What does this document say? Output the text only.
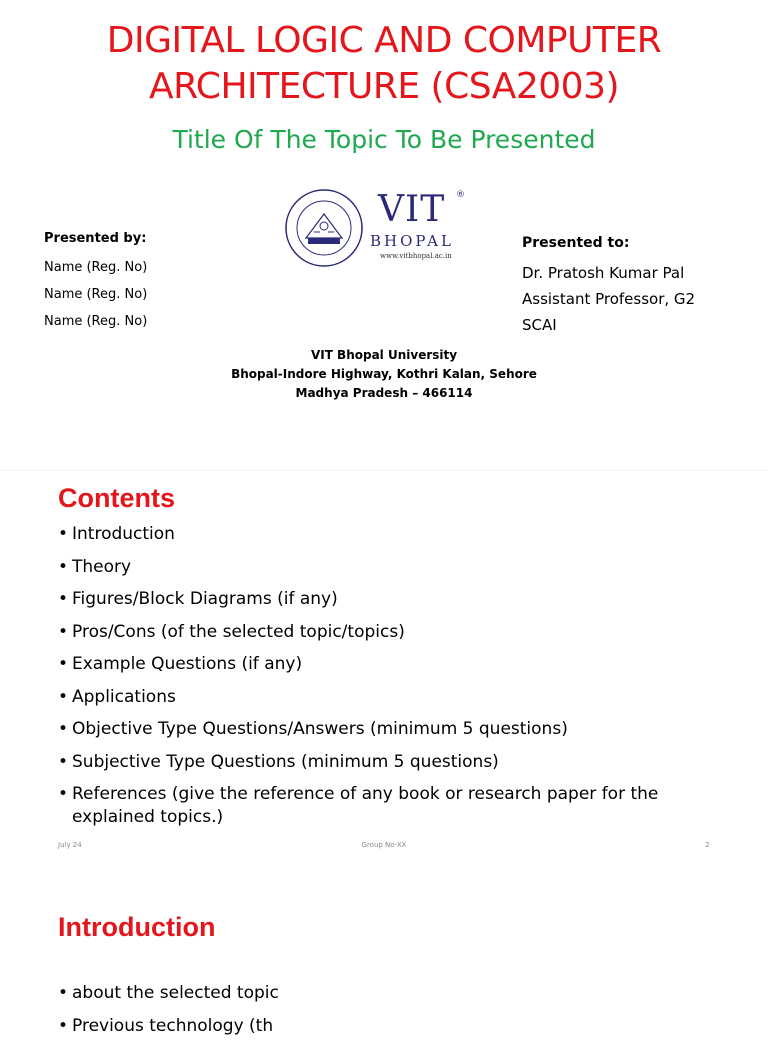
DIGITAL LOGIC AND COMPUTER
ARCHITECTURE (CSA2003)
Title Of The Topic To Be Presented
VIT ®
BHOPAL
www.vitbhopal.ac.in
Presented by:
Name (Reg. No)
Name (Reg. No)
Name (Reg. No)
Presented to:
Dr. Pratosh Kumar Pal
Assistant Professor, G2
SCAI
VIT Bhopal University
Bhopal-Indore Highway, Kothri Kalan, Sehore
Madhya Pradesh – 466114
Contents
• Introduction
• Theory
• Figures/Block Diagrams (if any)
• Pros/Cons (of the selected topic/topics)
• Example Questions (if any)
• Applications
• Objective Type Questions/Answers (minimum 5 questions)
• Subjective Type Questions (minimum 5 questions)
• References (give the reference of any book or research paper for the explained topics.)
July 24	Group No-XX	2
Introduction
• about the selected topic
• Previous technology (th
